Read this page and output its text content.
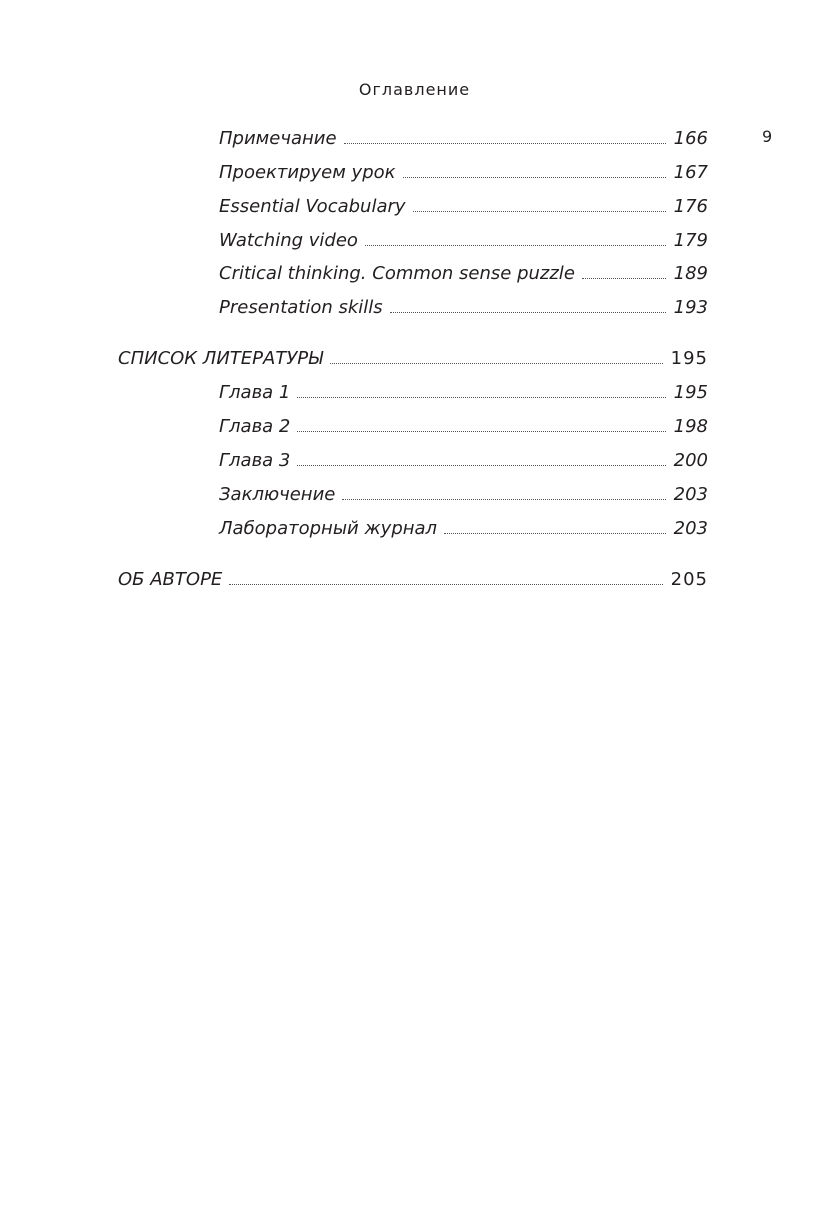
Оглавление
9
Примечание	166
Проектируем урок	167
Essential Vocabulary	176
Watching video	179
Critical thinking. Common sense puzzle	189
Presentation skills	193
СПИСОК ЛИТЕРАТУРЫ	195
Глава 1	195
Глава 2	198
Глава 3	200
Заключение	203
Лабораторный журнал	203
ОБ АВТОРЕ	205
